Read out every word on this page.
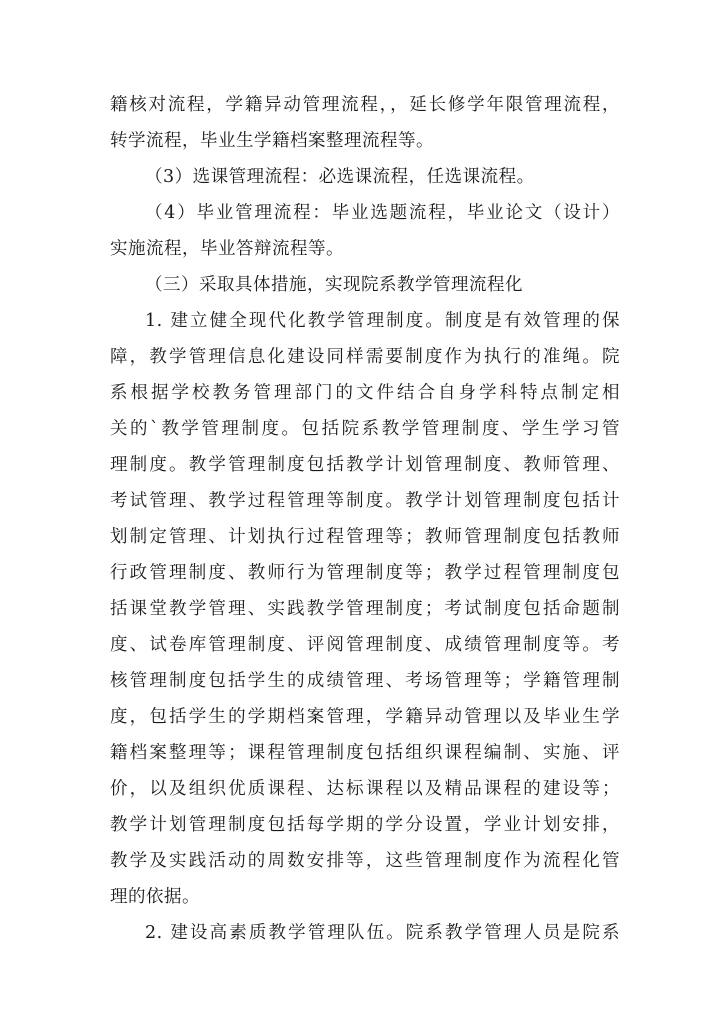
籍核对流程，学籍异动管理流程，，延长修学年限管理流程，
转学流程，毕业生学籍档案整理流程等。
（3）选课管理流程：必选课流程，任选课流程。
（4）毕业管理流程：毕业选题流程，毕业论文（设计）
实施流程，毕业答辩流程等。
（三）采取具体措施，实现院系教学管理流程化
1. 建立健全现代化教学管理制度。制度是有效管理的保
障，教学管理信息化建设同样需要制度作为执行的准绳。院
系根据学校教务管理部门的文件结合自身学科特点制定相
关的`教学管理制度。包括院系教学管理制度、学生学习管
理制度。教学管理制度包括教学计划管理制度、教师管理、
考试管理、教学过程管理等制度。教学计划管理制度包括计
划制定管理、计划执行过程管理等；教师管理制度包括教师
行政管理制度、教师行为管理制度等；教学过程管理制度包
括课堂教学管理、实践教学管理制度；考试制度包括命题制
度、试卷库管理制度、评阅管理制度、成绩管理制度等。考
核管理制度包括学生的成绩管理、考场管理等；学籍管理制
度，包括学生的学期档案管理，学籍异动管理以及毕业生学
籍档案整理等；课程管理制度包括组织课程编制、实施、评
价，以及组织优质课程、达标课程以及精品课程的建设等；
教学计划管理制度包括每学期的学分设置，学业计划安排，
教学及实践活动的周数安排等，这些管理制度作为流程化管
理的依据。
2. 建设高素质教学管理队伍。院系教学管理人员是院系
